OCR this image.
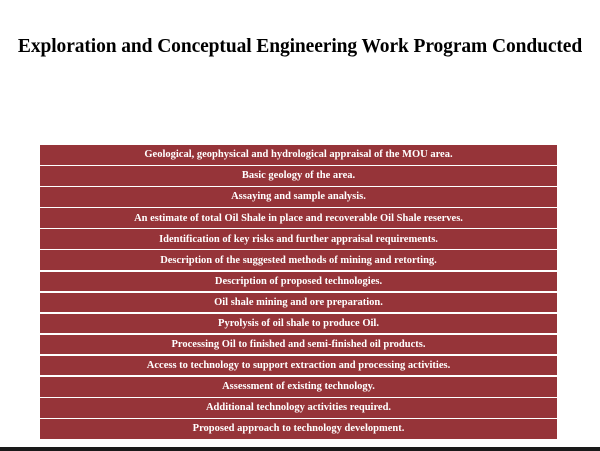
Exploration and Conceptual Engineering Work Program Conducted
Geological, geophysical and hydrological appraisal of the MOU area.
Basic geology of the area.
Assaying and sample analysis.
An estimate of total Oil Shale in place and recoverable Oil Shale reserves.
Identification of key risks and further appraisal requirements.
Description of the suggested methods of mining and retorting.
Description of proposed technologies.
Oil shale mining and ore preparation.
Pyrolysis of oil shale to produce Oil.
Processing Oil to finished and semi-finished oil products.
Access to technology to support extraction and processing activities.
Assessment of existing technology.
Additional technology activities required.
Proposed approach to technology development.
